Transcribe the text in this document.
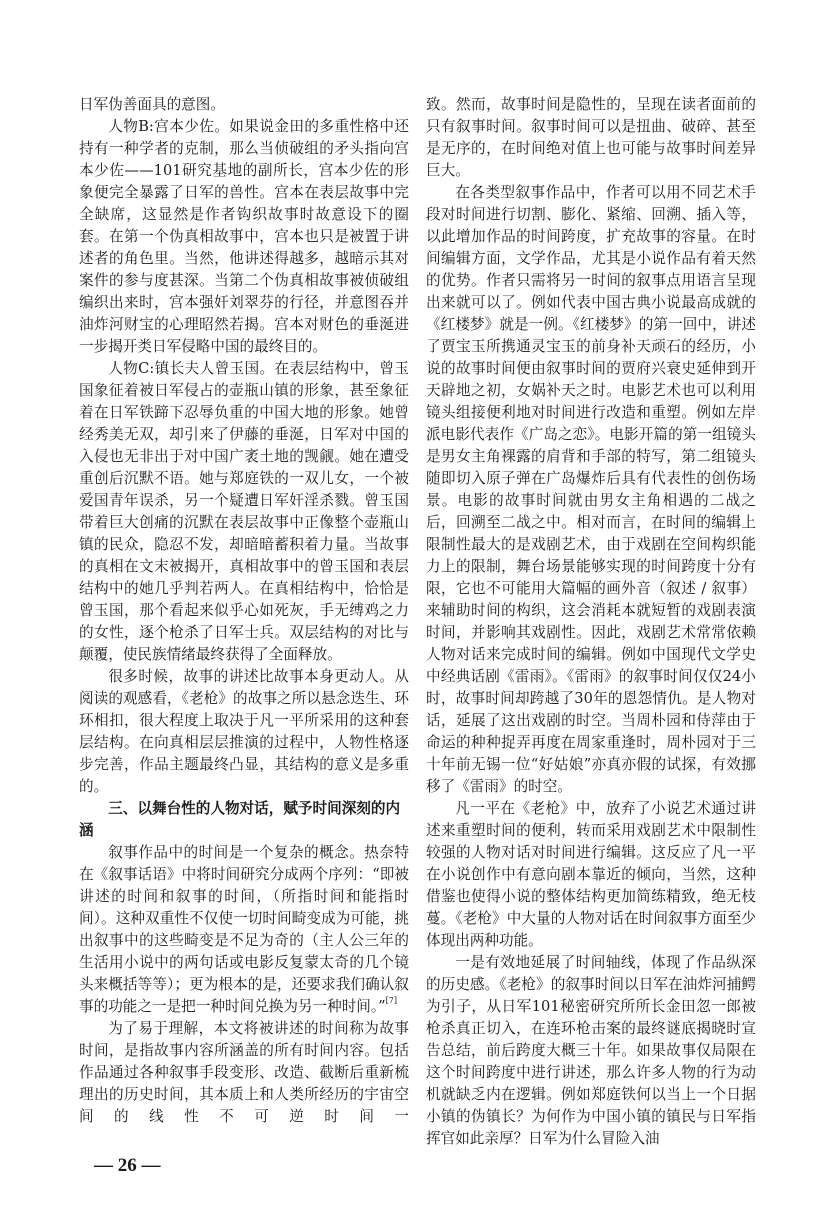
日军伪善面具的意图。

人物B:宫本少佐。如果说金田的多重性格中还持有一种学者的克制，那么当侦破组的矛头指向宫本少佐——101研究基地的副所长，宫本少佐的形象便完全暴露了日军的兽性。宫本在表层故事中完全缺席，这显然是作者钩织故事时故意设下的圈套。在第一个伪真相故事中，宫本也只是被置于讲述者的角色里。当然，他讲述得越多，越暗示其对案件的参与度甚深。当第二个伪真相故事被侦破组编织出来时，宫本强奸刘翠芬的行径，并意图吞并油炸河财宝的心理昭然若揭。宫本对财色的垂涎进一步揭开类日军侵略中国的最终目的。

人物C:镇长夫人曾玉国。在表层结构中，曾玉国象征着被日军侵占的壶瓶山镇的形象，甚至象征着在日军铁蹄下忍辱负重的中国大地的形象。她曾经秀美无双，却引来了伊藤的垂涎，日军对中国的入侵也无非出于对中国广袤土地的觊觎。她在遭受重创后沉默不语。她与郑庭铁的一双儿女，一个被爱国青年误杀，另一个疑遭日军奸淫杀戮。曾玉国带着巨大创痛的沉默在表层故事中正像整个壶瓶山镇的民众，隐忍不发，却暗暗蓄积着力量。当故事的真相在文末被揭开，真相故事中的曾玉国和表层结构中的她几乎判若两人。在真相结构中，恰恰是曾玉国，那个看起来似乎心如死灰，手无缚鸡之力的女性，逐个枪杀了日军士兵。双层结构的对比与颠覆，使民族情绪最终获得了全面释放。

很多时候，故事的讲述比故事本身更动人。从阅读的观感看，《老枪》的故事之所以悬念迭生、环环相扣，很大程度上取决于凡一平所采用的这种套层结构。在向真相层层推演的过程中，人物性格逐步完善，作品主题最终凸显，其结构的意义是多重的。

三、以舞台性的人物对话，赋予时间深刻的内涵

叙事作品中的时间是一个复杂的概念。热奈特在《叙事话语》中将时间研究分成两个序列：“即被讲述的时间和叙事的时间，（所指时间和能指时间）。这种双重性不仅使一切时间畸变成为可能，挑出叙事中的这些畸变是不足为奇的（主人公三年的生活用小说中的两句话或电影反复蒙太奇的几个镜头来概括等等）；更为根本的是，还要求我们确认叙事的功能之一是把一种时间兑换为另一种时间。”[7]

为了易于理解，本文将被讲述的时间称为故事时间，是指故事内容所涵盖的所有时间内容。包括作品通过各种叙事手段变形、改造、截断后重新梳理出的历史时间，其本质上和人类所经历的宇宙空间的线性不可逆时间一

— 26 —

致。然而，故事时间是隐性的，呈现在读者面前的只有叙事时间。叙事时间可以是扭曲、破碎、甚至是无序的，在时间绝对值上也可能与故事时间差异巨大。

在各类型叙事作品中，作者可以用不同艺术手段对时间进行切割、膨化、紧缩、回溯、插入等，以此增加作品的时间跨度，扩充故事的容量。在时间编辑方面，文学作品，尤其是小说作品有着天然的优势。作者只需将另一时间的叙事点用语言呈现出来就可以了。例如代表中国古典小说最高成就的《红楼梦》就是一例。《红楼梦》的第一回中，讲述了贾宝玉所携通灵宝玉的前身补天顽石的经历，小说的故事时间便由叙事时间的贾府兴衰史延伸到开天辟地之初，女娲补天之时。电影艺术也可以利用镜头组接便利地对时间进行改造和重塑。例如左岸派电影代表作《广岛之恋》。电影开篇的第一组镜头是男女主角裸露的肩背和手部的特写，第二组镜头随即切入原子弹在广岛爆炸后具有代表性的创伤场景。电影的故事时间就由男女主角相遇的二战之后，回溯至二战之中。相对而言，在时间的编辑上限制性最大的是戏剧艺术，由于戏剧在空间构织能力上的限制，舞台场景能够实现的时间跨度十分有限，它也不可能用大篇幅的画外音（叙述 / 叙事）来辅助时间的构织，这会消耗本就短暂的戏剧表演时间，并影响其戏剧性。因此，戏剧艺术常常依赖人物对话来完成时间的编辑。例如中国现代文学史中经典话剧《雷雨》。《雷雨》的叙事时间仅仅24小时，故事时间却跨越了30年的恩怨情仇。是人物对话，延展了这出戏剧的时空。当周朴园和侍萍由于命运的种种捉弄再度在周家重逢时，周朴园对于三十年前无锡一位“好姑娘”亦真亦假的试探，有效挪移了《雷雨》的时空。

凡一平在《老枪》中，放弃了小说艺术通过讲述来重塑时间的便利，转而采用戏剧艺术中限制性较强的人物对话对时间进行编辑。这反应了凡一平在小说创作中有意向剧本靠近的倾向，当然，这种借鉴也使得小说的整体结构更加简练精致，绝无枝蔓。《老枪》中大量的人物对话在时间叙事方面至少体现出两种功能。

一是有效地延展了时间轴线，体现了作品纵深的历史感。《老枪》的叙事时间以日军在油炸河捕鳄为引子，从日军101秘密研究所所长金田忽一郎被枪杀真正切入，在连环枪击案的最终谜底揭晓时宣告总结，前后跨度大概三十年。如果故事仅局限在这个时间跨度中进行讲述，那么许多人物的行为动机就缺乏内在逻辑。例如郑庭铁何以当上一个日据小镇的伪镇长？为何作为中国小镇的镇民与日军指挥官如此亲厚？日军为什么冒险入油
